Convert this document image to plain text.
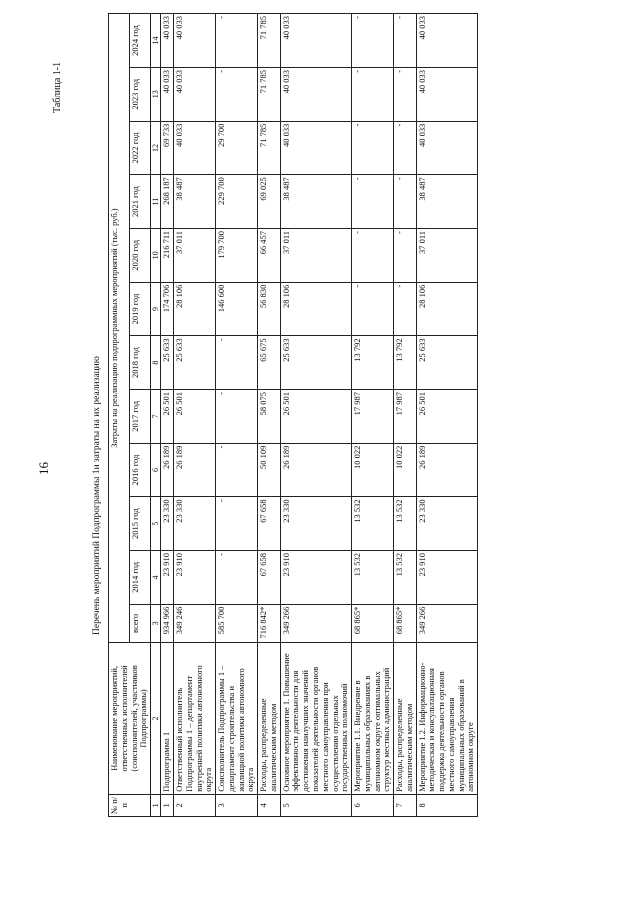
16
Таблица 1-1
Перечень мероприятий Подпрограммы 1и затраты на их реализацию
№ п/п	Наименование мероприятий, ответственных исполнителей (соисполнителей, участников Подпрограммы)	Затраты на реализацию подпрограммных мероприятий (тыс. руб.)											
		всего	2014 год	2015 год	2016 год	2017 год	2018 год	2019 год	2020 год	2021 год	2022 год	2023 год	2024 год
1	2	3	4	5	6	7	8	9	10	11	12	13	14
1	Подпрограмма 1	934 966	23 910	23 330	26 189	26 501	25 633	174 706	216 711	268 187	69 733	40 033	40 033
2	Ответственный исполнитель Подпрограммы 1 – департамент внутренней политики автономного округа	349 246	23 910	23 330	26 189	26 501	25 633	28 106	37 011	38 487	40 033	40 033	40 033
3	Соисполнитель Подпрограммы 1 – департамент строительства и жилищной политики автономного округа	585 700	-	-	-	-	-	146 600	179 700	229 700	29 700	-	-
4	Расходы, распределенные аналитическим методом	716 842*	67 658	67 658	50 109	58 075	65 675	56 830	66 457	69 025	71 785	71 785	71 785
5	Основное мероприятие 1. Повышение эффективности деятельности для достижения наилучших значений показателей деятельности органов местного самоуправления при осуществлении отдельных государственных полномочий	349 266	23 910	23 330	26 189	26 501	25 633	28 106	37 011	38 487	40 033	40 033	40 033
6	Мероприятие 1.1. Внедрение в муниципальных образованиях в автономном округе оптимальных структур местных администраций	68 865*	13 532	13 532	10 022	17 987	13 792	-	-	-	-	-	-
7	Расходы, распределенные аналитическим методом	68 865*	13 532	13 532	10 022	17 987	13 792	-	-	-	-	-	-
8	Мероприятие 1.2. Информационно-методическая и консультационная поддержка деятельности органов местного самоуправления муниципальных образований в автономном округе	349 266	23 910	23 330	26 189	26 501	25 633	28 106	37 011	38 487	40 033	40 033	40 033
